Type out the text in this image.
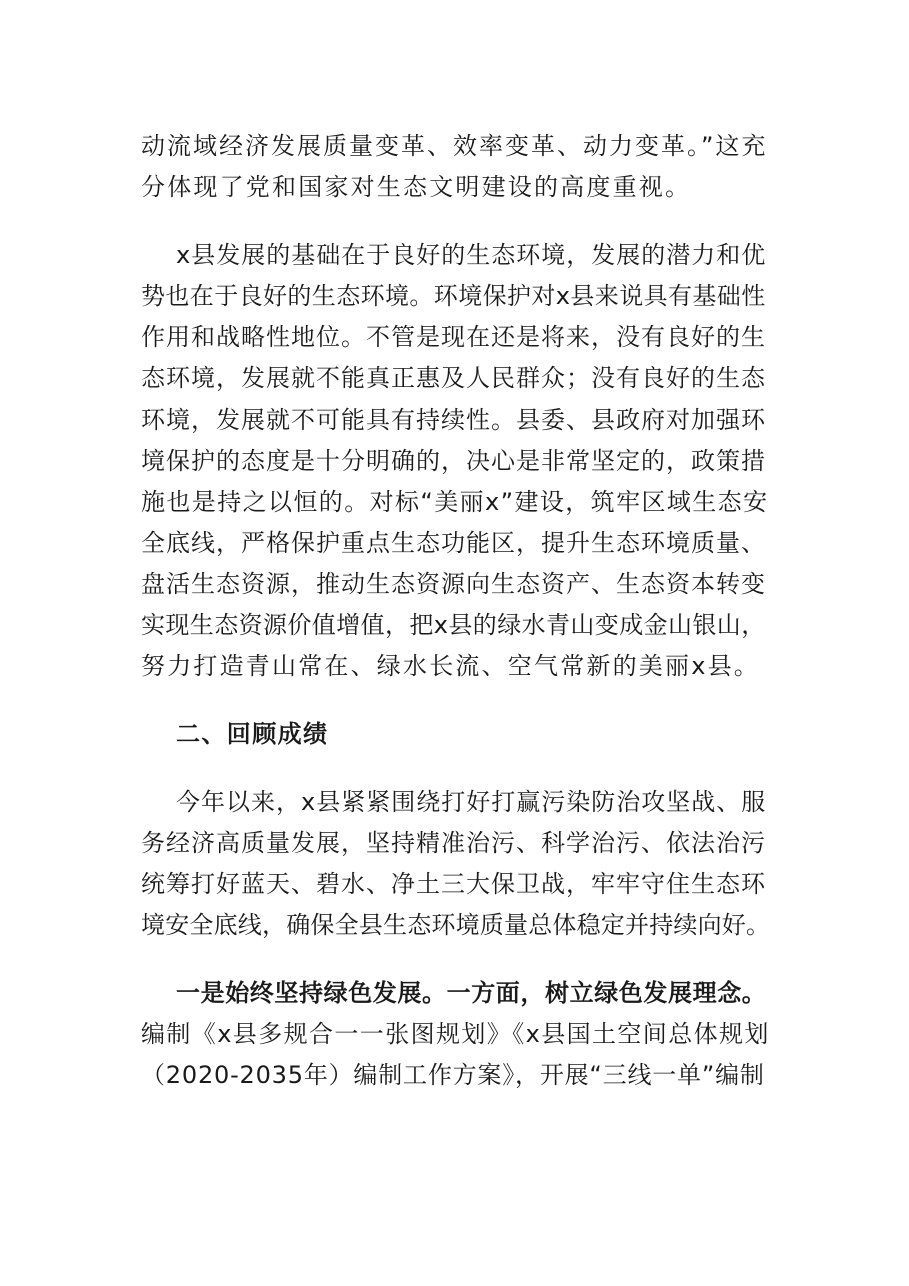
动流域经济发展质量变革、效率变革、动力变革。”这充
分体现了党和国家对生态文明建设的高度重视。
x县发展的基础在于良好的生态环境，发展的潜力和优
势也在于良好的生态环境。环境保护对x县来说具有基础性
作用和战略性地位。不管是现在还是将来，没有良好的生
态环境，发展就不能真正惠及人民群众；没有良好的生态
环境，发展就不可能具有持续性。县委、县政府对加强环
境保护的态度是十分明确的，决心是非常坚定的，政策措
施也是持之以恒的。对标“美丽x”建设，筑牢区域生态安
全底线，严格保护重点生态功能区，提升生态环境质量、
盘活生态资源，推动生态资源向生态资产、生态资本转变
实现生态资源价值增值，把x县的绿水青山变成金山银山，
努力打造青山常在、绿水长流、空气常新的美丽x县。
二、回顾成绩
今年以来，x县紧紧围绕打好打赢污染防治攻坚战、服
务经济高质量发展，坚持精准治污、科学治污、依法治污
统筹打好蓝天、碧水、净土三大保卫战，牢牢守住生态环
境安全底线，确保全县生态环境质量总体稳定并持续向好。
一是始终坚持绿色发展。一方面，树立绿色发展理念。
编制《x县多规合一一张图规划》《x县国土空间总体规划
（2020-2035年）编制工作方案》，开展“三线一单”编制
